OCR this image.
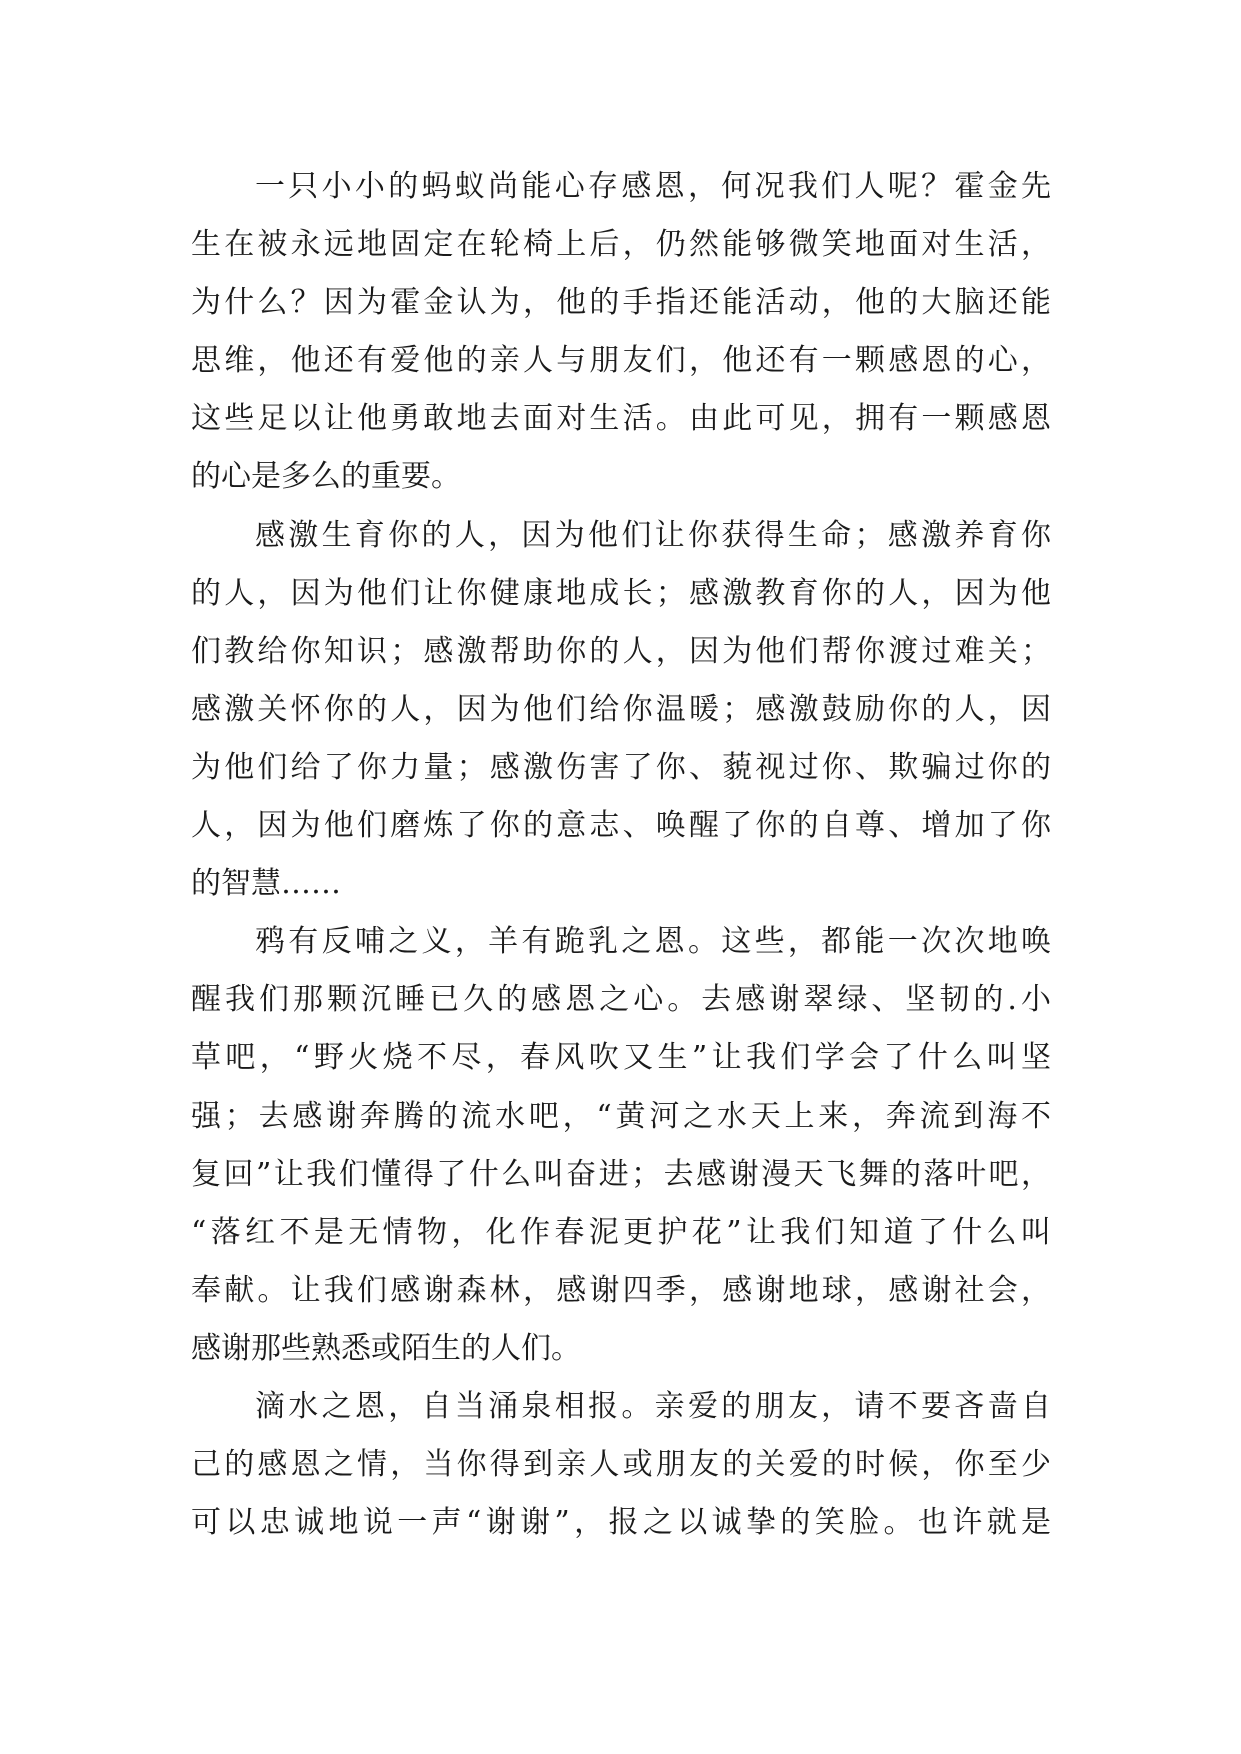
一只小小的蚂蚁尚能心存感恩，何况我们人呢？霍金先
生在被永远地固定在轮椅上后，仍然能够微笑地面对生活，
为什么？因为霍金认为，他的手指还能活动，他的大脑还能
思维，他还有爱他的亲人与朋友们，他还有一颗感恩的心，
这些足以让他勇敢地去面对生活。由此可见，拥有一颗感恩
的心是多么的重要。
感激生育你的人，因为他们让你获得生命；感激养育你
的人，因为他们让你健康地成长；感激教育你的人，因为他
们教给你知识；感激帮助你的人，因为他们帮你渡过难关；
感激关怀你的人，因为他们给你温暖；感激鼓励你的人，因
为他们给了你力量；感激伤害了你、藐视过你、欺骗过你的
人，因为他们磨炼了你的意志、唤醒了你的自尊、增加了你
的智慧……
鸦有反哺之义，羊有跪乳之恩。这些，都能一次次地唤
醒我们那颗沉睡已久的感恩之心。去感谢翠绿、坚韧的.小
草吧，“野火烧不尽，春风吹又生”让我们学会了什么叫坚
强；去感谢奔腾的流水吧，“黄河之水天上来，奔流到海不
复回”让我们懂得了什么叫奋进；去感谢漫天飞舞的落叶吧，
“落红不是无情物，化作春泥更护花”让我们知道了什么叫
奉献。让我们感谢森林，感谢四季，感谢地球，感谢社会，
感谢那些熟悉或陌生的人们。
滴水之恩，自当涌泉相报。亲爱的朋友，请不要吝啬自
己的感恩之情，当你得到亲人或朋友的关爱的时候，你至少
可以忠诚地说一声“谢谢”，报之以诚挚的笑脸。也许就是
